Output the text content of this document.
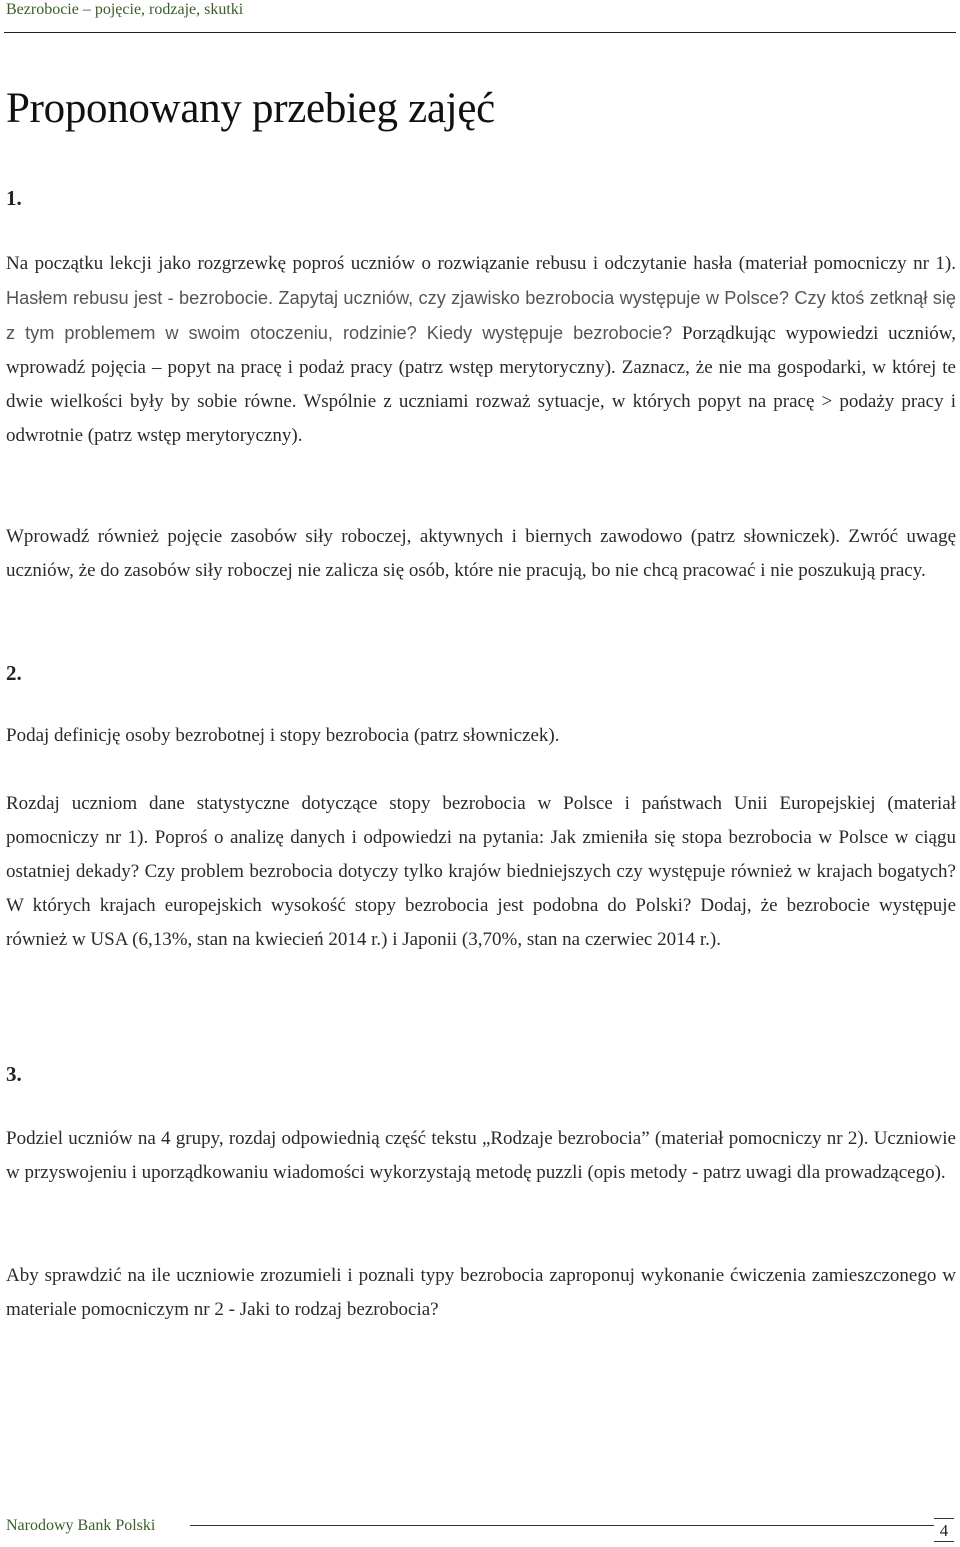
Bezrobocie – pojęcie, rodzaje, skutki
Proponowany przebieg zajęć
1.

Na początku lekcji jako rozgrzewkę poproś uczniów o rozwiązanie rebusu i odczytanie hasła (materiał pomocniczy nr 1). Hasłem rebusu jest - bezrobocie. Zapytaj uczniów, czy zjawisko bezrobocia występuje w Polsce? Czy ktoś zetknął się z tym problemem w swoim otoczeniu, rodzinie? Kiedy występuje bezrobocie? Porządkując wypowiedzi uczniów, wprowadź pojęcia – popyt na pracę i podaż pracy (patrz wstęp merytoryczny). Zaznacz, że nie ma gospodarki, w której te dwie wielkości były by sobie równe. Wspólnie z uczniami rozważ sytuacje, w których popyt na pracę > podaży pracy i odwrotnie (patrz wstęp merytoryczny).

Wprowadź również pojęcie zasobów siły roboczej, aktywnych i biernych zawodowo (patrz słowniczek). Zwróć uwagę uczniów, że do zasobów siły roboczej nie zalicza się osób, które nie pracują, bo nie chcą pracować i nie poszukują pracy.

2.

Podaj definicję osoby bezrobotnej i stopy bezrobocia (patrz słowniczek).

Rozdaj uczniom dane statystyczne dotyczące stopy bezrobocia w Polsce i państwach Unii Europejskiej (materiał pomocniczy nr 1). Poproś o analizę danych i odpowiedzi na pytania: Jak zmieniła się stopa bezrobocia w Polsce w ciągu ostatniej dekady? Czy problem bezrobocia dotyczy tylko krajów biedniejszych czy występuje również w krajach bogatych? W których krajach europejskich wysokość stopy bezrobocia jest podobna do Polski? Dodaj, że bezrobocie występuje również w USA (6,13%, stan na kwiecień 2014 r.) i Japonii (3,70%, stan na czerwiec 2014 r.).

3.

Podziel uczniów na 4 grupy, rozdaj odpowiednią część tekstu „Rodzaje bezrobocia” (materiał pomocniczy nr 2). Uczniowie w przyswojeniu i uporządkowaniu wiadomości wykorzystają metodę puzzli (opis metody - patrz uwagi dla prowadzącego).

Aby sprawdzić na ile uczniowie zrozumieli i poznali typy bezrobocia zaproponuj wykonanie ćwiczenia zamieszczonego w materiale pomocniczym nr 2 - Jaki to rodzaj bezrobocia?

Narodowy Bank Polski	4
